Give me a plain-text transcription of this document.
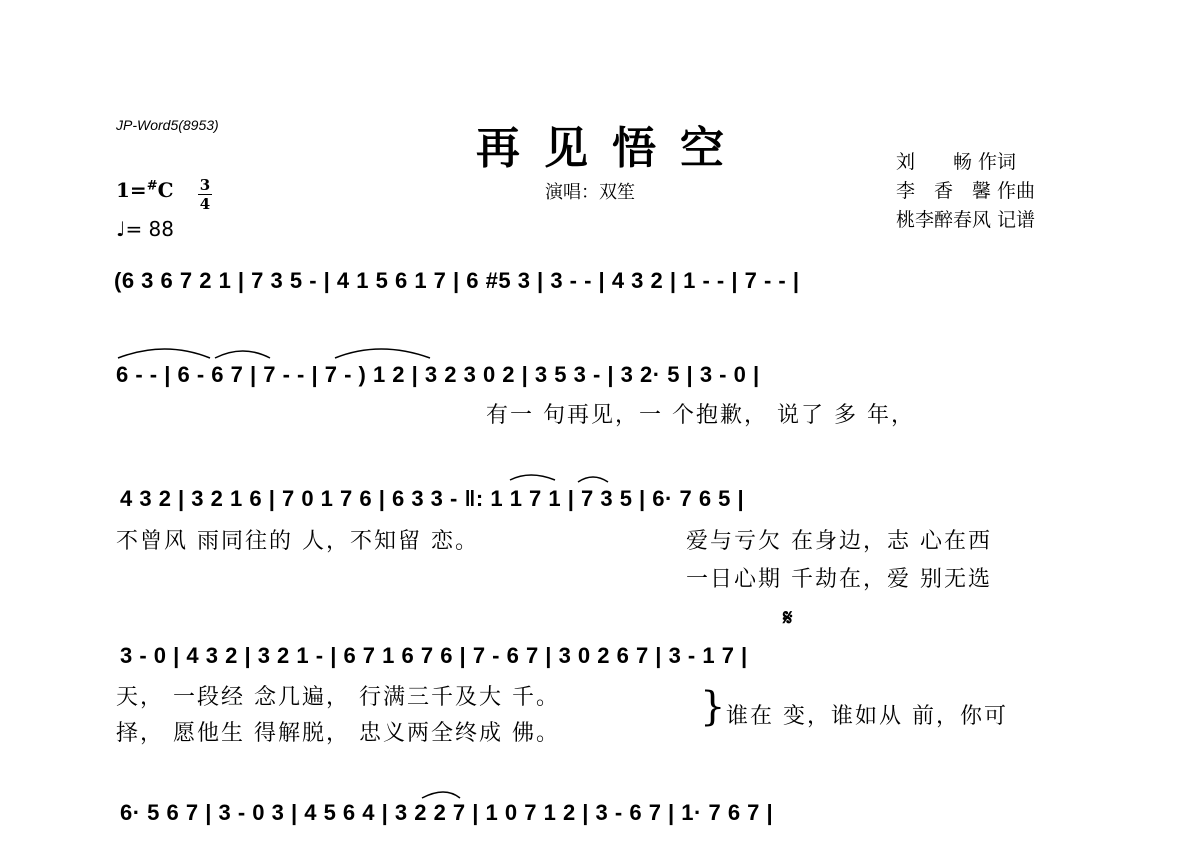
JP-Word5(8953)	再见悟空
演唱：双笙
刘　　畅 作词
李　香　馨 作曲
桃李醉春风 记谱
1=#C 3
4
♩= 88
(6 3 6 7 2 1 | 7 3 5 - | 4 1 5 6 1 7 | 6 #5 3 | 3 - - | 4 3 2 | 1 - - | 7 - - |
6 - - | 6 - 6 7 | 7 - - | 7 - ) 1 2 | 3 2 3 0 2 | 3 5 3 - | 3 2· 5 | 3 - 0 |
有一 句再见，一 个抱歉， 说了 多 年，
4 3 2 | 3 2 1 6 | 7 0 1 7 6 | 6 3 3 - ‖: 1 1 7 1 | 7 3 5 | 6· 7 6 5 |
不曾风 雨同往的 人，不知留 恋。	爱与亏欠 在身边，志 心在西
一日心期 千劫在，爱 别无选
𝄋
3 - 0 | 4 3 2 | 3 2 1 - | 6 7 1 6 7 6 | 7 - 6 7 | 3 0 2 6 7 | 3 - 1 7 |
天， 一段经 念几遍， 行满三千及大 千。
择， 愿他生 得解脱， 忠义两全终成 佛。
} 谁在 变，谁如从 前，你可
6· 5 6 7 | 3 - 0 3 | 4 5 6 4 | 3 2 2 7 | 1 0 7 1 2 | 3 - 6 7 | 1· 7 6 7 |
